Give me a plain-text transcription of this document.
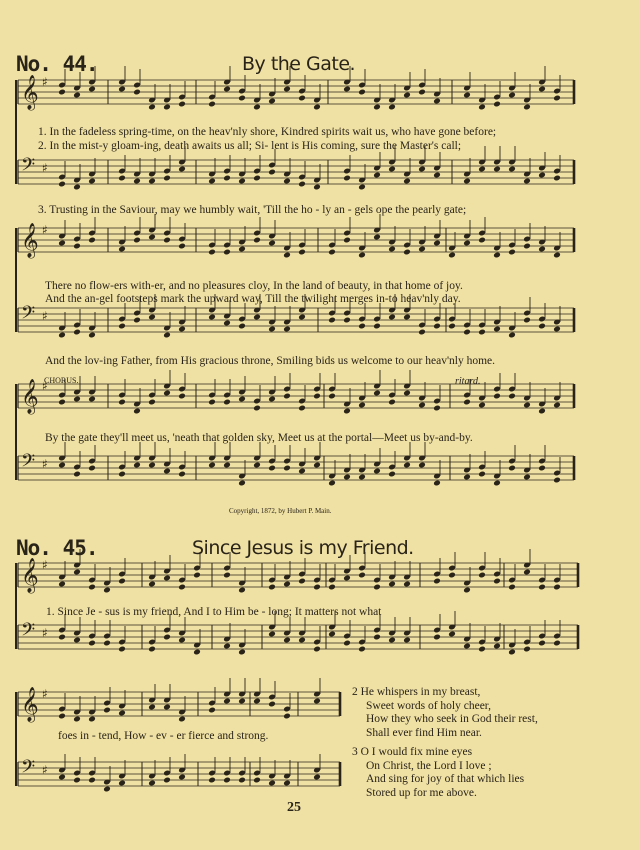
No. 44.	By the Gate.
𝄞 ♯
𝄢 ♯
𝄞 ♯
𝄢 ♯
𝄞 ♯
𝄢 ♯
𝄞 ♯
𝄢 ♯
𝄞 ♯
𝄢 ♯
1. In the fadeless spring-time, on the heav'nly shore, Kindred spirits wait us, who have gone before;
2. In the mist-y gloam-ing, death awaits us all; Si- lent is His coming, sure the Master's call;
3. Trusting in the Saviour, may we humbly wait, 'Till the ho - ly an - gels ope the pearly gate;
There no flow-ers with-er, and no pleasures cloy, In the land of beauty, in that home of joy.
And the an-gel footsteps mark the upward way, Till the twilight merges in-to heav'nly day.
And the lov-ing Father, from His gracious throne, Smiling bids us welcome to our heav'nly home.
CHORUS.	ritard.
By the gate they'll meet us, 'neath that golden sky, Meet us at the portal—Meet us by-and-by.
Copyright, 1872, by Hubert P. Main.
No. 45.	Since Jesus is my Friend.
1. Since Je - sus is my friend, And I to Him be - long; It matters not what
foes in - tend, How - ev - er fierce and strong.
2 He whispers in my breast,
Sweet words of holy cheer,
How they who seek in God their rest,
Shall ever find Him near.
3 O I would fix mine eyes
On Christ, the Lord I love ;
And sing for joy of that which lies
Stored up for me above.
25
